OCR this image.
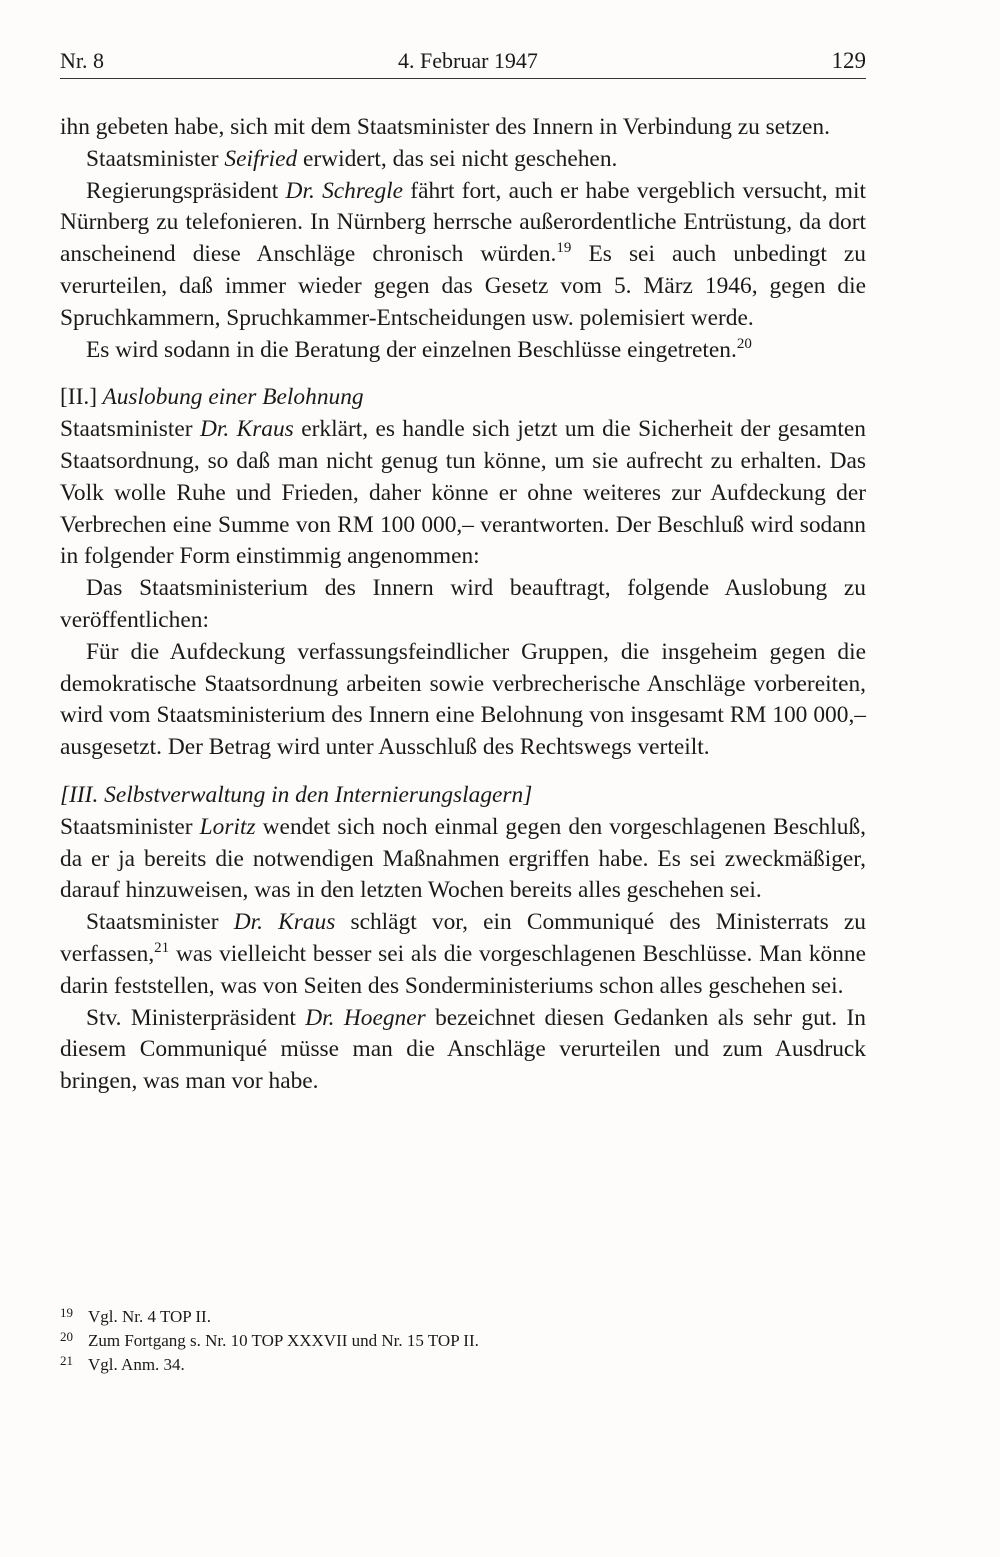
Nr. 8	4. Februar 1947	129

ihn gebeten habe, sich mit dem Staatsminister des Innern in Verbindung zu setzen.

Staatsminister Seifried erwidert, das sei nicht geschehen.

Regierungspräsident Dr. Schregle fährt fort, auch er habe vergeblich versucht, mit Nürnberg zu telefonieren. In Nürnberg herrsche außerordentliche Entrüstung, da dort anscheinend diese Anschläge chronisch würden.$^{19}$ Es sei auch unbedingt zu verurteilen, daß immer wieder gegen das Gesetz vom 5. März 1946, gegen die Spruchkammern, Spruchkammer-Entscheidungen usw. polemisiert werde.

Es wird sodann in die Beratung der einzelnen Beschlüsse eingetreten.$^{20}$

[II.] Auslobung einer Belohnung

Staatsminister Dr. Kraus erklärt, es handle sich jetzt um die Sicherheit der gesamten Staatsordnung, so daß man nicht genug tun könne, um sie aufrecht zu erhalten. Das Volk wolle Ruhe und Frieden, daher könne er ohne weiteres zur Aufdeckung der Verbrechen eine Summe von RM 100 000,– verantworten. Der Beschluß wird sodann in folgender Form einstimmig angenommen:

Das Staatsministerium des Innern wird beauftragt, folgende Auslobung zu veröffentlichen:

Für die Aufdeckung verfassungsfeindlicher Gruppen, die insgeheim gegen die demokratische Staatsordnung arbeiten sowie verbrecherische Anschläge vorbereiten, wird vom Staatsministerium des Innern eine Belohnung von insgesamt RM 100 000,– ausgesetzt. Der Betrag wird unter Ausschluß des Rechtswegs verteilt.

[III. Selbstverwaltung in den Internierungslagern]

Staatsminister Loritz wendet sich noch einmal gegen den vorgeschlagenen Beschluß, da er ja bereits die notwendigen Maßnahmen ergriffen habe. Es sei zweckmäßiger, darauf hinzuweisen, was in den letzten Wochen bereits alles geschehen sei.

Staatsminister Dr. Kraus schlägt vor, ein Communiqué des Ministerrats zu verfassen,$^{21}$ was vielleicht besser sei als die vorgeschlagenen Beschlüsse. Man könne darin feststellen, was von Seiten des Sonderministeriums schon alles geschehen sei.

Stv. Ministerpräsident Dr. Hoegner bezeichnet diesen Gedanken als sehr gut. In diesem Communiqué müsse man die Anschläge verurteilen und zum Ausdruck bringen, was man vor habe.

19 Vgl. Nr. 4 TOP II.
20 Zum Fortgang s. Nr. 10 TOP XXXVII und Nr. 15 TOP II.
21 Vgl. Anm. 34.
